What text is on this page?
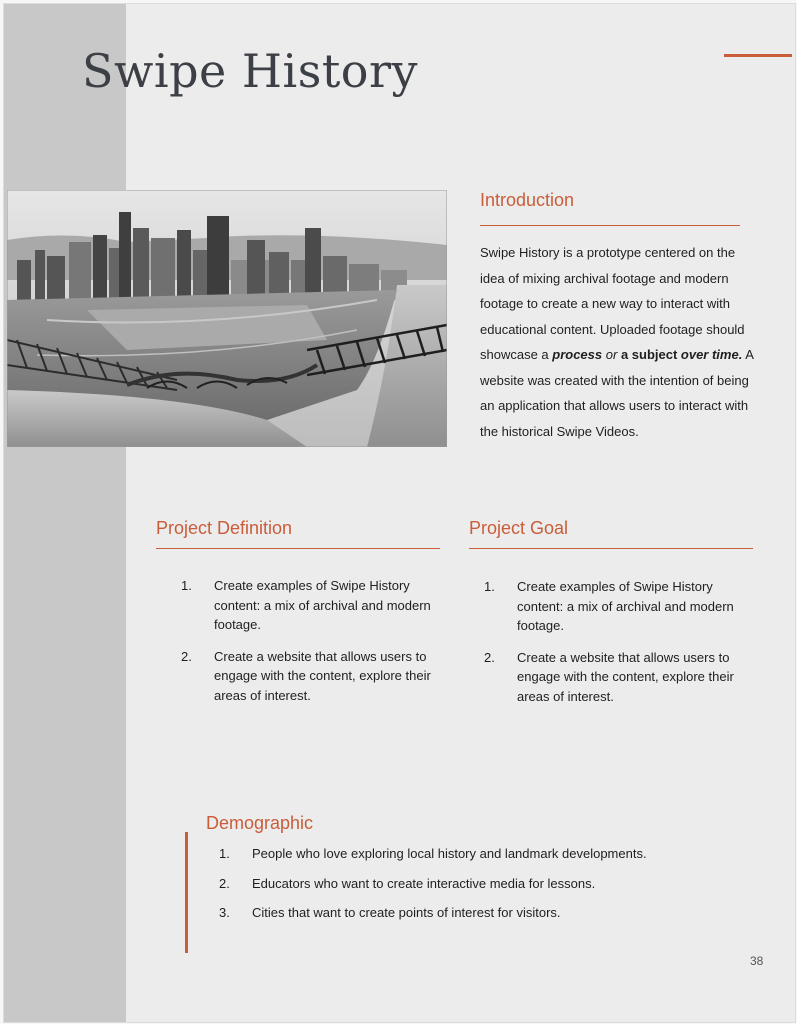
Swipe History
Introduction

Swipe History is a prototype centered on the idea of mixing archival footage and modern footage to create a new way to interact with educational content. Uploaded footage should showcase a process or a subject over time. A website was created with the intention of being an application that allows users to interact with the historical Swipe Videos.

Project Definition
1. Create examples of Swipe History content: a mix of archival and modern footage.
2. Create a website that allows users to engage with the content, explore their areas of interest.
Project Goal
1. Create examples of Swipe History content: a mix of archival and modern footage.
2. Create a website that allows users to engage with the content, explore their areas of interest.
Demographic
1. People who love exploring local history and landmark developments.
2. Educators who want to create interactive media for lessons.
3. Cities that want to create points of interest for visitors.
38
